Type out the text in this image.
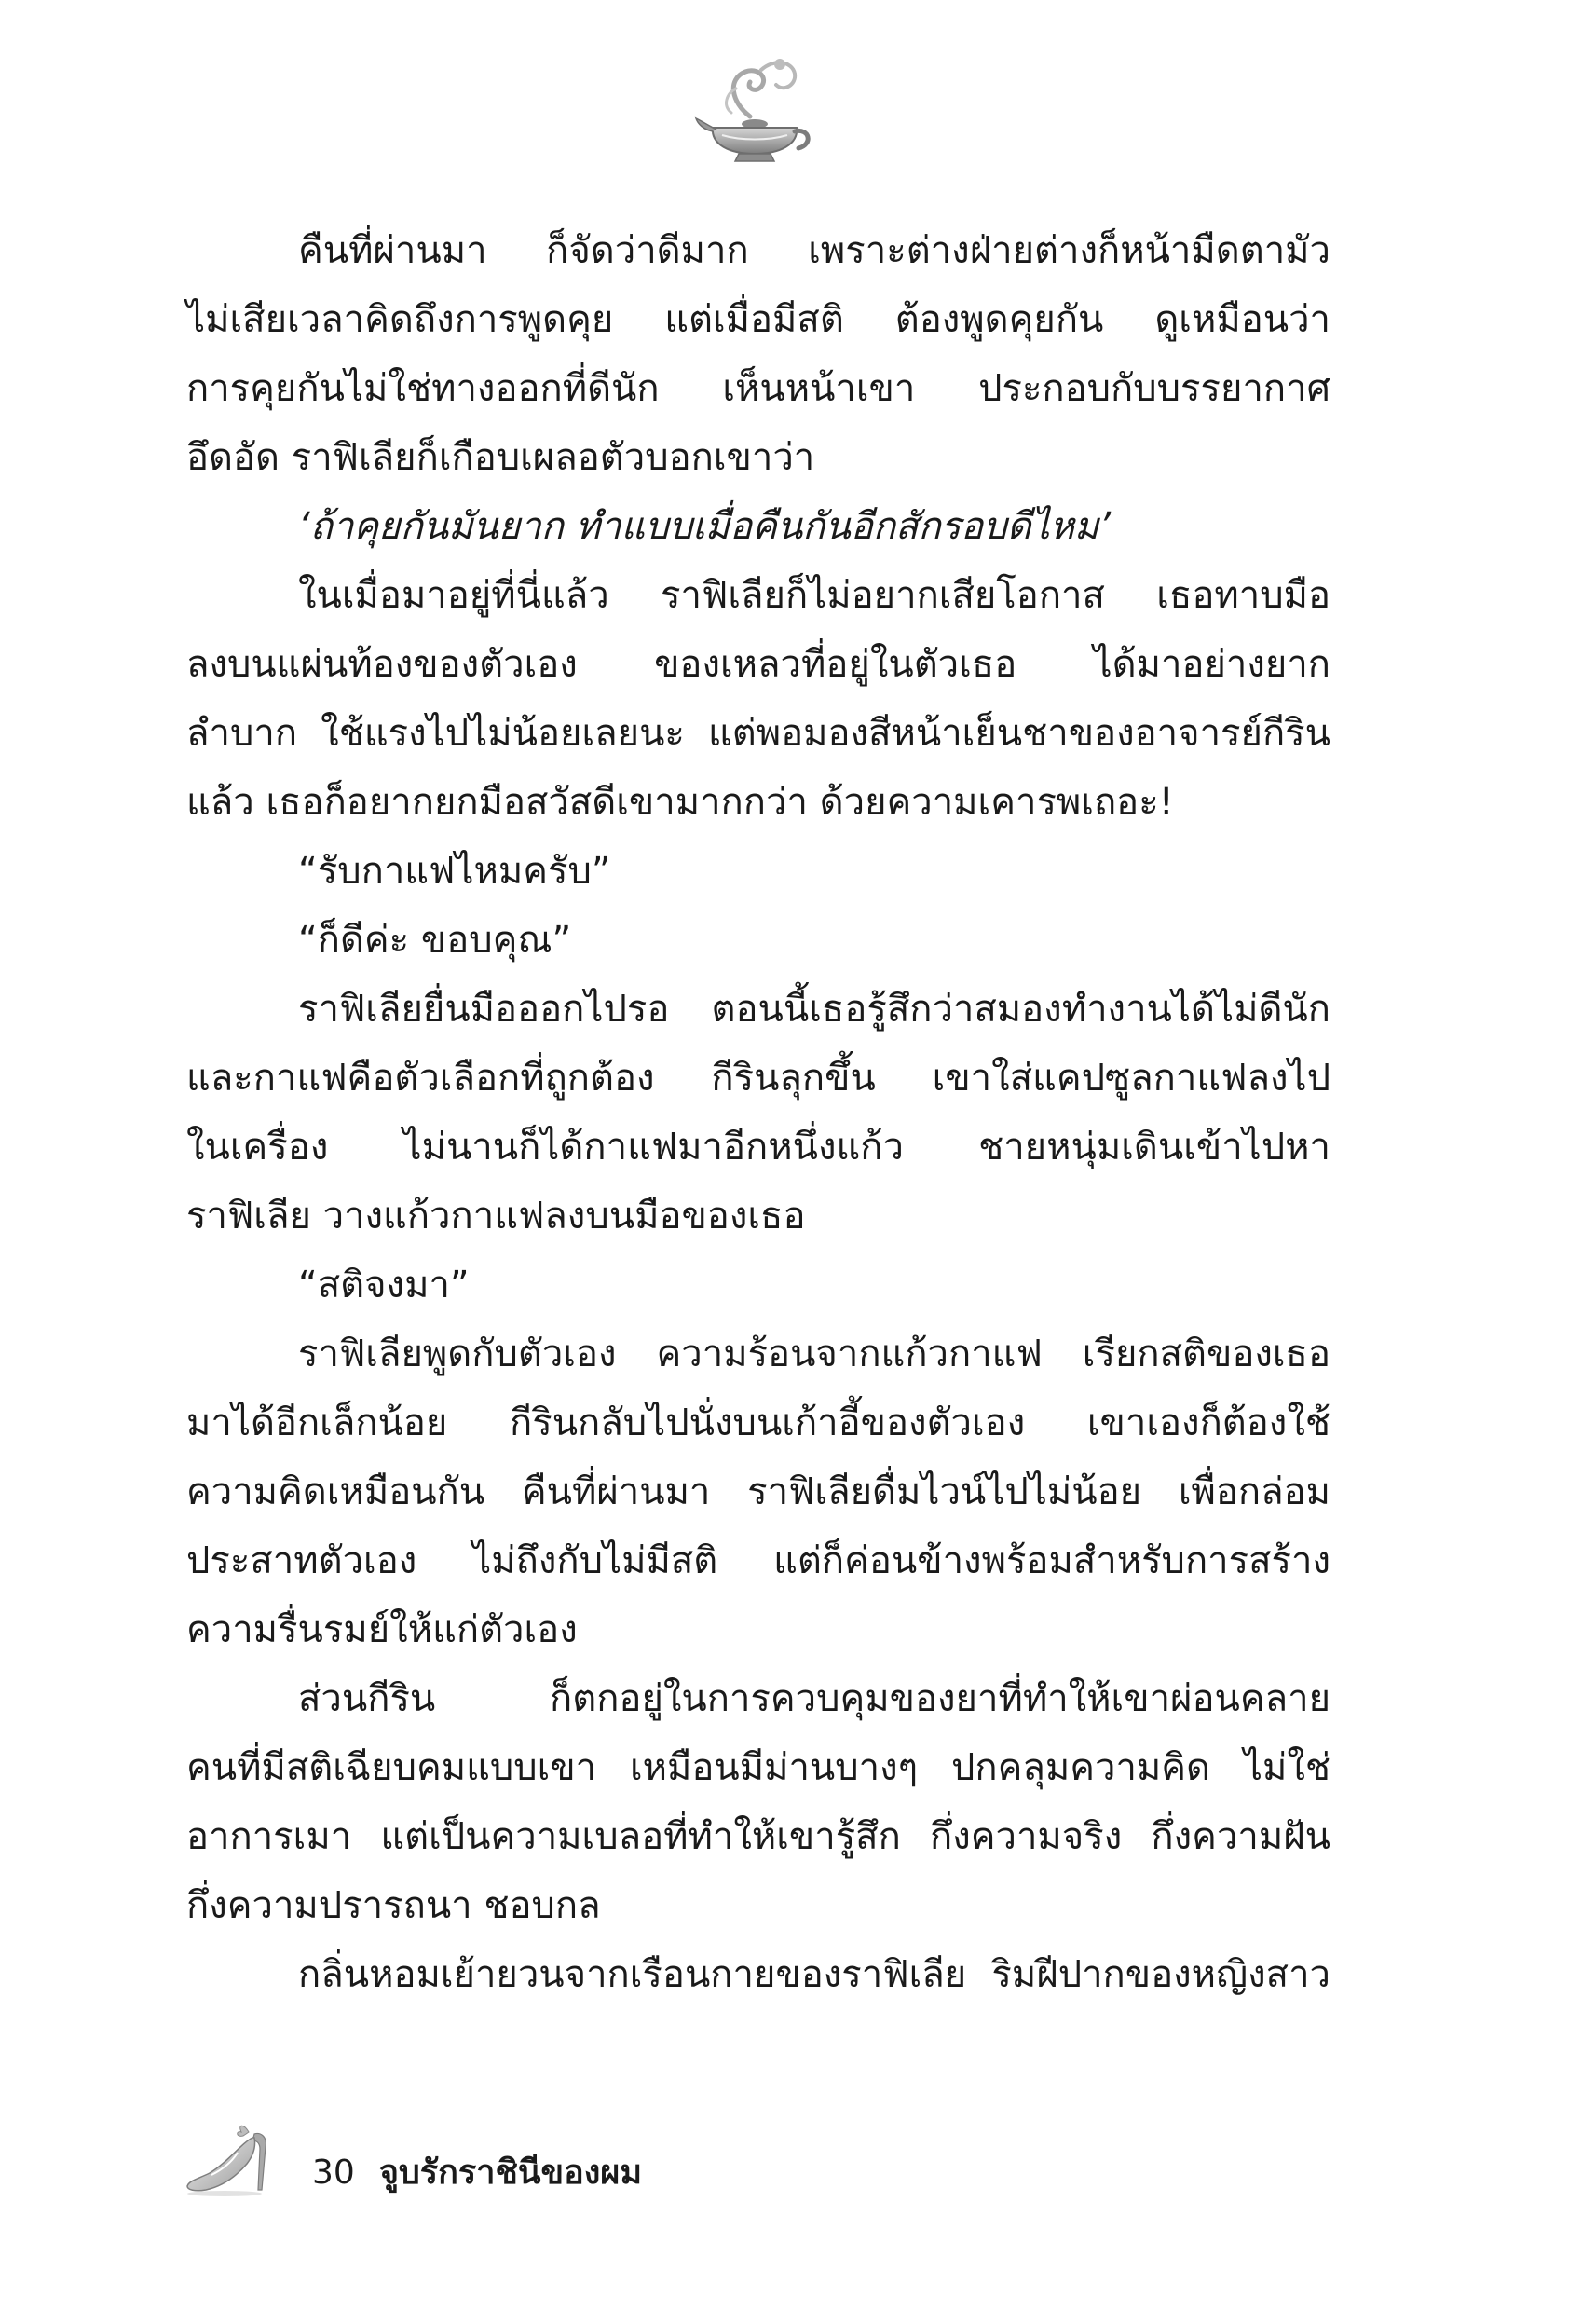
คืนที่ผ่านมา ก็จัดว่าดีมาก เพราะต่างฝ่ายต่างก็หน้ามืดตามัว
ไม่เสียเวลาคิดถึงการพูดคุย แต่เมื่อมีสติ ต้องพูดคุยกัน ดูเหมือนว่า
การคุยกันไม่ใช่ทางออกที่ดีนัก เห็นหน้าเขา ประกอบกับบรรยากาศ
อึดอัด ราฟิเลียก็เกือบเผลอตัวบอกเขาว่า
‘ถ้าคุยกันมันยาก ทำแบบเมื่อคืนกันอีกสักรอบดีไหม’
ในเมื่อมาอยู่ที่นี่แล้ว ราฟิเลียก็ไม่อยากเสียโอกาส เธอทาบมือ
ลงบนแผ่นท้องของตัวเอง ของเหลวที่อยู่ในตัวเธอ ได้มาอย่างยาก
ลำบาก ใช้แรงไปไม่น้อยเลยนะ แต่พอมองสีหน้าเย็นชาของอาจารย์กีริน
แล้ว เธอก็อยากยกมือสวัสดีเขามากกว่า ด้วยความเคารพเถอะ!
“รับกาแฟไหมครับ”
“ก็ดีค่ะ ขอบคุณ”
ราฟิเลียยื่นมือออกไปรอ ตอนนี้เธอรู้สึกว่าสมองทำงานได้ไม่ดีนัก
และกาแฟคือตัวเลือกที่ถูกต้อง กีรินลุกขึ้น เขาใส่แคปซูลกาแฟลงไป
ในเครื่อง ไม่นานก็ได้กาแฟมาอีกหนึ่งแก้ว ชายหนุ่มเดินเข้าไปหา
ราฟิเลีย วางแก้วกาแฟลงบนมือของเธอ
“สติจงมา”
ราฟิเลียพูดกับตัวเอง ความร้อนจากแก้วกาแฟ เรียกสติของเธอ
มาได้อีกเล็กน้อย กีรินกลับไปนั่งบนเก้าอี้ของตัวเอง เขาเองก็ต้องใช้
ความคิดเหมือนกัน คืนที่ผ่านมา ราฟิเลียดื่มไวน์ไปไม่น้อย เพื่อกล่อม
ประสาทตัวเอง ไม่ถึงกับไม่มีสติ แต่ก็ค่อนข้างพร้อมสำหรับการสร้าง
ความรื่นรมย์ให้แก่ตัวเอง
ส่วนกีริน ก็ตกอยู่ในการควบคุมของยาที่ทำให้เขาผ่อนคลาย
คนที่มีสติเฉียบคมแบบเขา เหมือนมีม่านบางๆ ปกคลุมความคิด ไม่ใช่
อาการเมา แต่เป็นความเบลอที่ทำให้เขารู้สึก กึ่งความจริง กึ่งความฝัน
กึ่งความปรารถนา ชอบกล
กลิ่นหอมเย้ายวนจากเรือนกายของราฟิเลีย ริมฝีปากของหญิงสาว
30 จูบรักราชินีของผม
